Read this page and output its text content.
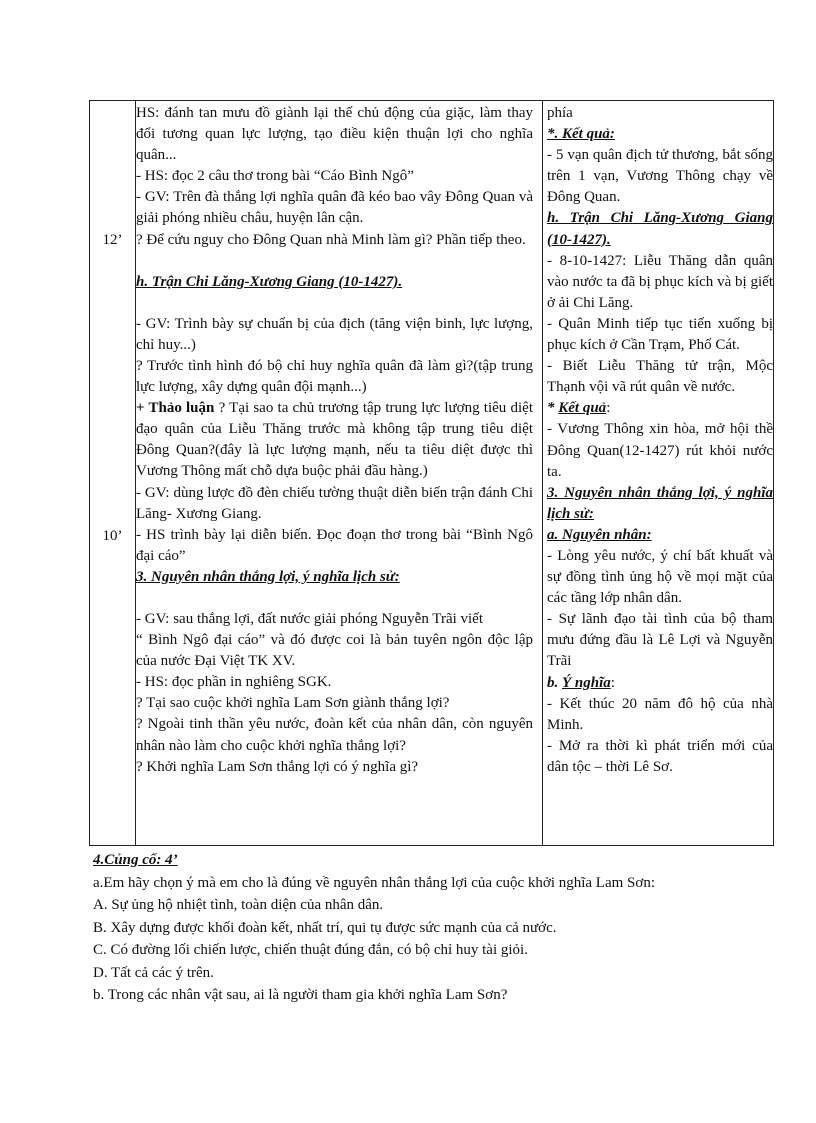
12’
10’

HS: đánh tan mưu đồ giành lại thế chủ động của giặc, làm thay đổi tương quan lực lượng, tạo điều kiện thuận lợi cho nghĩa quân...

- HS: đọc 2 câu thơ trong bài “Cáo Bình Ngô”

- GV: Trên đà thắng lợi nghĩa quân đã kéo bao vây Đông Quan và giải phóng nhiều châu, huyện lân cận.

? Để cứu nguy cho Đông Quan nhà Minh làm gì? Phần tiếp theo.

h. Trận Chi Lăng-Xương Giang (10-1427).

- GV: Trình bày sự chuẩn bị của địch (tăng viện binh, lực lượng, chỉ huy...)

? Trước tình hình đó bộ chỉ huy nghĩa quân đã làm gì?(tập trung lực lượng, xây dựng quân đội mạnh...)

+ Thảo luận ? Tại sao ta chủ trương tập trung lực lượng tiêu diệt đạo quân của Liễu Thăng trước mà không tập trung tiêu diệt Đông Quan?(đây là lực lượng mạnh, nếu ta tiêu diệt được thì Vương Thông mất chỗ dựa buộc phải đầu hàng.)

- GV: dùng lược đồ đèn chiếu tường thuật diễn biến trận đánh Chi Lăng- Xương Giang.

- HS trình bày lại diễn biến. Đọc đoạn thơ trong bài “Bình Ngô đại cáo”

3. Nguyên nhân thắng lợi, ý nghĩa lịch sử:

- GV: sau thắng lợi, đất nước giải phóng Nguyễn Trãi viết

“ Bình Ngô đại cáo” và đó được coi là bản tuyên ngôn độc lập của nước Đại Việt TK XV.

- HS: đọc phần in nghiêng SGK.

? Tại sao cuộc khởi nghĩa Lam Sơn giành thắng lợi?

? Ngoài tinh thần yêu nước, đoàn kết của nhân dân, còn nguyên nhân nào làm cho cuộc khởi nghĩa thắng lợi?

? Khởi nghĩa Lam Sơn thắng lợi có ý nghĩa gì?

phía

*. Kết quả:

- 5 vạn quân địch tử thương, bắt sống trên 1 vạn, Vương Thông chạy về Đông Quan.

h. Trận Chi Lăng-Xương Giang (10-1427).

- 8-10-1427: Liễu Thăng dẫn quân vào nước ta đã bị phục kích và bị giết ở ải Chi Lăng.

- Quân Minh tiếp tục tiến xuống bị phục kích ở Cần Trạm, Phố Cát.

- Biết Liễu Thăng tử trận, Mộc Thạnh vội vã rút quân về nước.

* Kết quả:

- Vương Thông xin hòa, mở hội thề Đông Quan(12-1427) rút khỏi nước ta.

3. Nguyên nhân thắng lợi, ý nghĩa lịch sử:

a. Nguyên nhân:

- Lòng yêu nước, ý chí bất khuất và sự đồng tình ủng hộ về mọi mặt của các tầng lớp nhân dân.

- Sự lãnh đạo tài tình của bộ tham mưu đứng đầu là Lê Lợi và Nguyễn Trãi

b. Ý nghĩa:

- Kết thúc 20 năm đô hộ của nhà Minh.

- Mở ra thời kì phát triển mới của dân tộc – thời Lê Sơ.

4.Củng cố: 4’

a.Em hãy chọn ý mà em cho là đúng về nguyên nhân thắng lợi của cuộc khởi nghĩa Lam Sơn:

A. Sự ủng hộ nhiệt tình, toàn diện của nhân dân.

B. Xây dựng được khối đoàn kết, nhất trí, qui tụ được sức mạnh của cả nước.

C. Có đường lối chiến lược, chiến thuật đúng đắn, có bộ chỉ huy tài giỏi.

D. Tất cả các ý trên.

b. Trong các nhân vật sau, ai là người tham gia khởi nghĩa Lam Sơn?
